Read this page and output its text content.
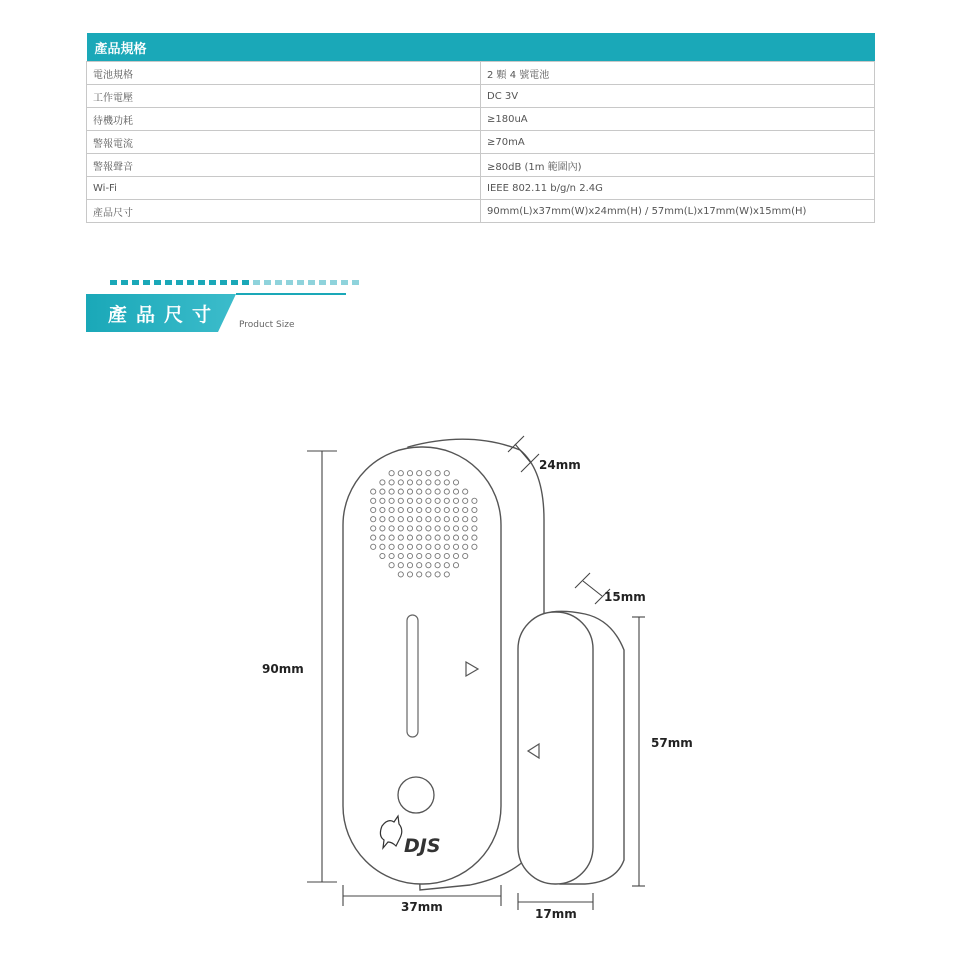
產品規格	
電池規格	2 顆 4 號電池
工作電壓	DC 3V
待機功耗	≥180uA
警報電流	≥70mA
警報聲音	≥80dB (1m 範圍內)
Wi-Fi	IEEE 802.11 b/g/n 2.4G
產品尺寸	90mm(L)x37mm(W)x24mm(H) / 57mm(L)x17mm(W)x15mm(H)
產品尺寸 Product Size
DJS
90mm
37mm
24mm
57mm
17mm
15mm
